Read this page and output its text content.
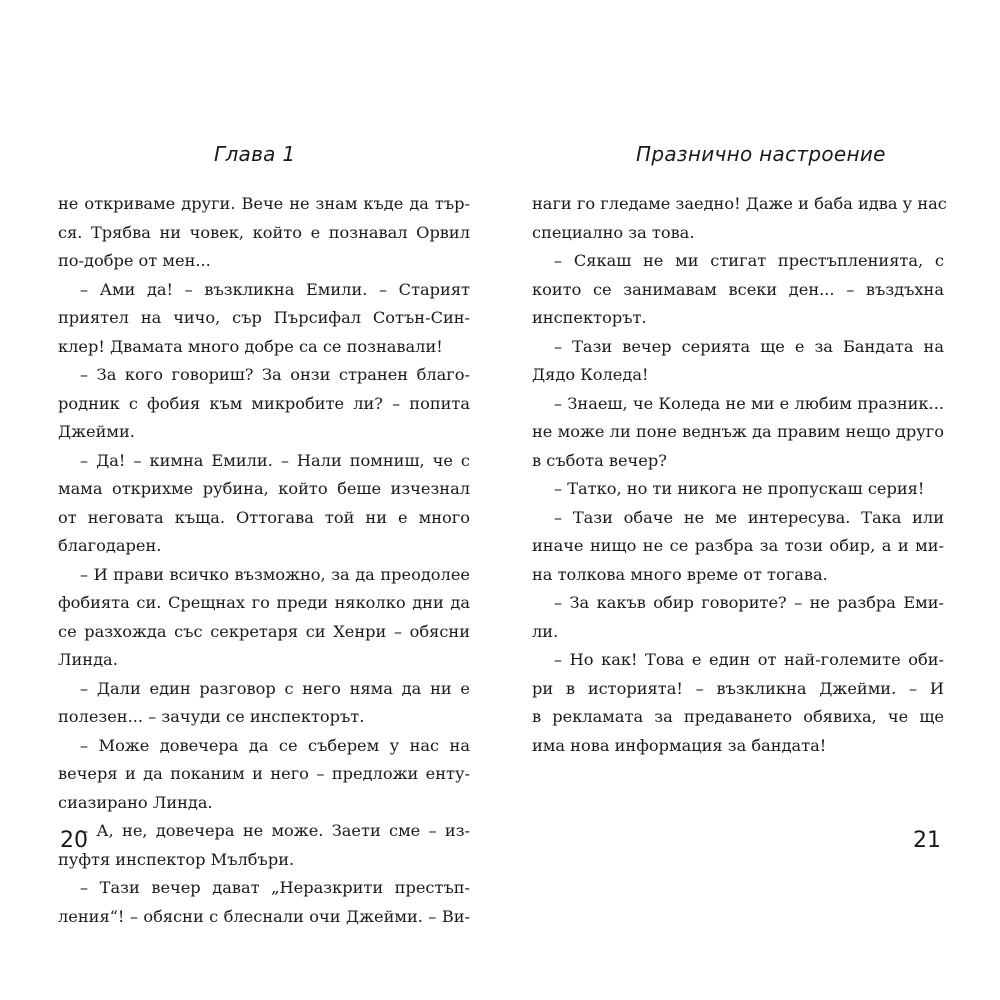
Глава 1
не откриваме други. Вече не знам къде да тър-
ся. Трябва ни човек, който е познавал Орвил
по-добре от мен...
– Ами да! – възкликна Емили. – Старият
приятел на чичо, сър Пърсифал Сотън-Син-
клер! Двамата много добре са се познавали!
– За кого говориш? За онзи странен благо-
родник с фобия към микробите ли? – попита
Джейми.
– Да! – кимна Емили. – Нали помниш, че с
мама открихме рубина, който беше изчезнал
от неговата къща. Оттогава той ни е много
благодарен.
– И прави всичко възможно, за да преодолее
фобията си. Срещнах го преди няколко дни да
се разхожда със секретаря си Хенри – обясни
Линда.
– Дали един разговор с него няма да ни е
полезен... – зачуди се инспекторът.
– Може довечера да се съберем у нас на
вечеря и да поканим и него – предложи енту-
сиазирано Линда.
– А, не, довечера не може. Заети сме – из-
пуфтя инспектор Мълбъри.
– Тази вечер дават „Неразкрити престъп-
ления“! – обясни с блеснали очи Джейми. – Ви-
20
Празнично настроение
наги го гледаме заедно! Даже и баба идва у нас
специално за това.
– Сякаш не ми стигат престъпленията, с
които се занимавам всеки ден... – въздъхна
инспекторът.
– Тази вечер серията ще е за Бандата на
Дядо Коледа!
– Знаеш, че Коледа не ми е любим празник...
не може ли поне веднъж да правим нещо друго
в събота вечер?
– Татко, но ти никога не пропускаш серия!
– Тази обаче не ме интересува. Така или
иначе нищо не се разбра за този обир, а и ми-
на толкова много време от тогава.
– За какъв обир говорите? – не разбра Еми-
ли.
– Но как! Това е един от най-големите оби-
ри в историята! – възкликна Джейми. – И
в рекламата за предаването обявиха, че ще
има нова информация за бандата!
21
